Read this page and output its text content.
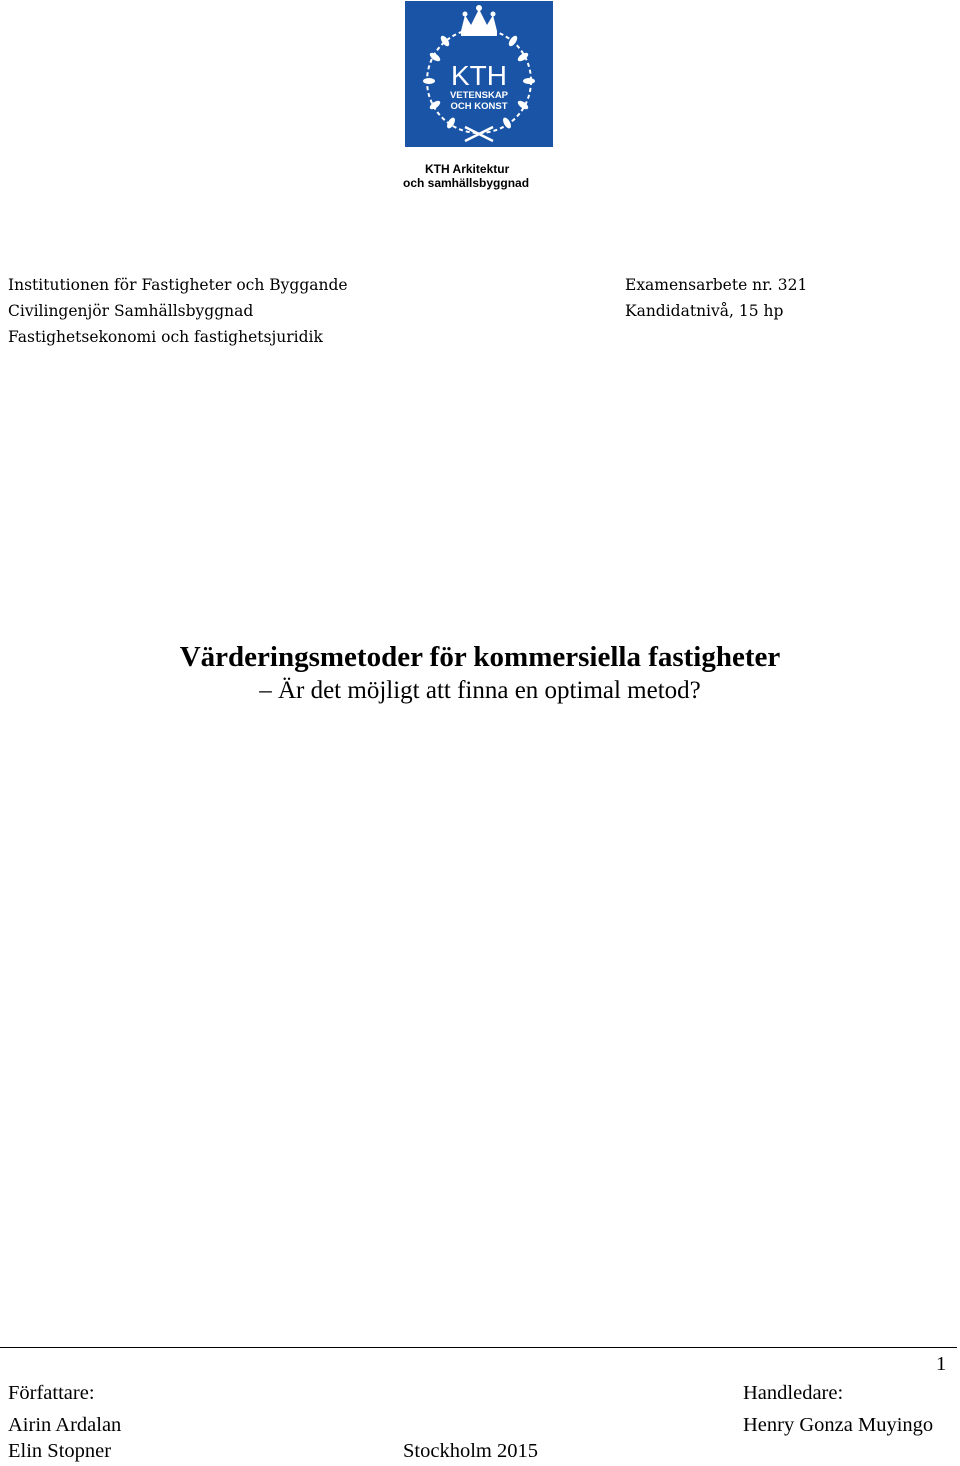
KTH
VETENSKAP
OCH KONST
KTH Arkitektur
och samhällsbyggnad
Institutionen för Fastigheter och Byggande
Civilingenjör Samhällsbyggnad
Fastighetsekonomi och fastighetsjuridik
Examensarbete nr. 321
Kandidatnivå, 15 hp
Värderingsmetoder för kommersiella fastigheter
– Är det möjligt att finna en optimal metod?
1
Författare:
Airin Ardalan
Elin Stopner
Handledare:
Henry Gonza Muyingo
Stockholm 2015
